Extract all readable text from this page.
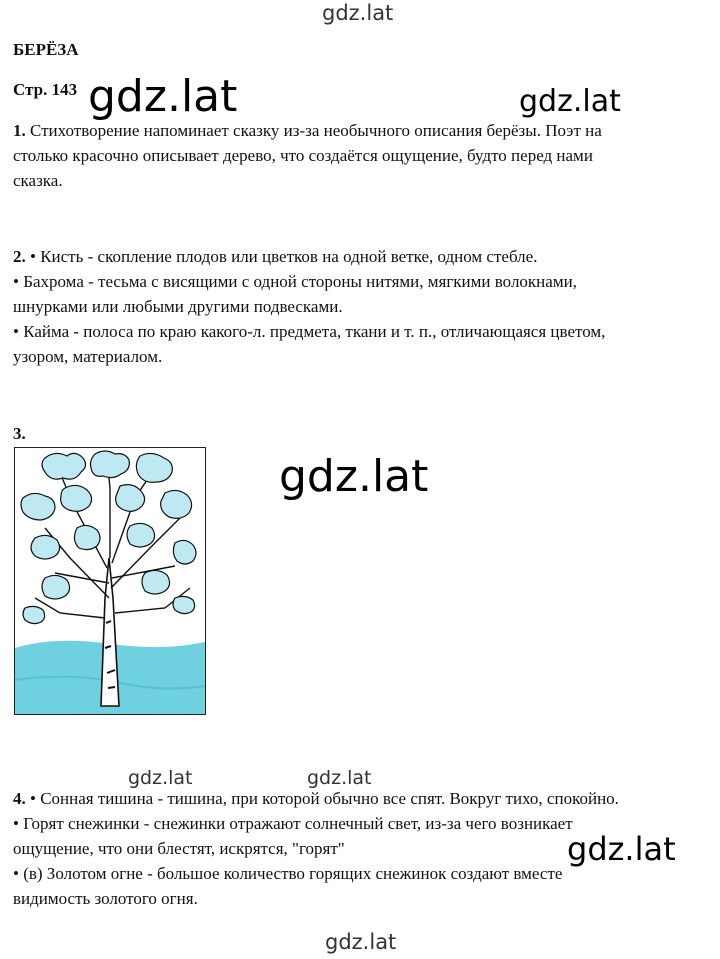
gdz.lat
БЕРЁЗА
Стр. 143 gdz.lat	gdz.lat
1. Стихотворение напоминает сказку из-за необычного описания берёзы. Поэт на
столько красочно описывает дерево, что создаётся ощущение, будто перед нами
сказка.
2. • Кисть - скопление плодов или цветков на одной ветке, одном стебле.
• Бахрома - тесьма с висящими с одной стороны нитями, мягкими волокнами,
шнурками или любыми другими подвесками.
• Кайма - полоса по краю какого-л. предмета, ткани и т. п., отличающаяся цветом,
узором, материалом.
3.
gdz.lat
gdz.lat	gdz.lat
4. • Сонная тишина - тишина, при которой обычно все спят. Вокруг тихо, спокойно.
• Горят снежинки - снежинки отражают солнечный свет, из-за чего возникает
ощущение, что они блестят, искрятся, "горят"
• (в) Золотом огне - большое количество горящих снежинок создают вместе
видимость золотого огня.
gdz.lat
gdz.lat
